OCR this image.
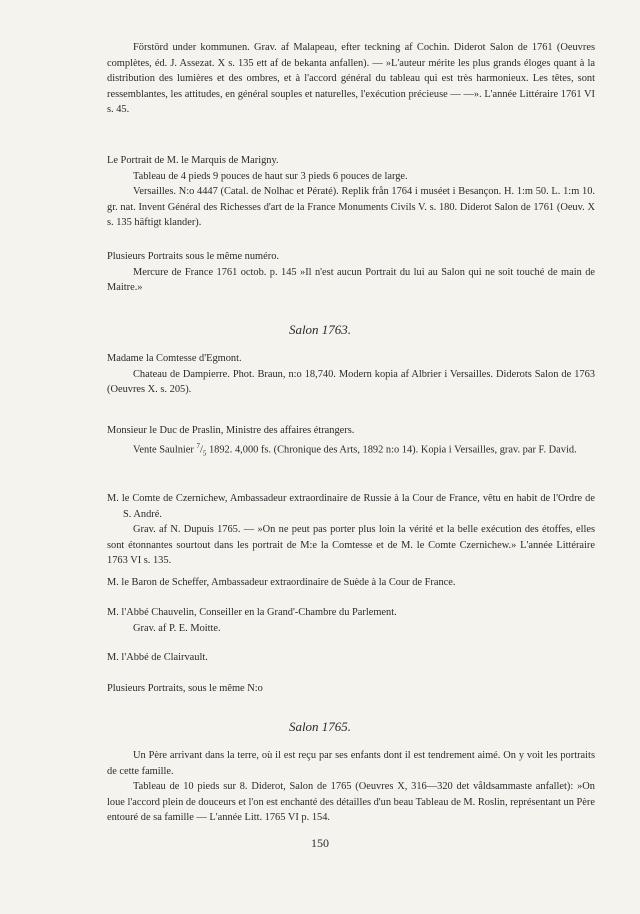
Förstörd under kommunen. Grav. af Malapeau, efter teckning af Cochin. Diderot Salon de 1761 (Oeuvres complètes, éd. J. Assezat. X s. 135 ett af de bekanta anfallen). — »L'auteur mérite les plus grands éloges quant à la distribution des lumières et des ombres, et à l'accord général du tableau qui est très harmonieux. Les têtes, sont ressemblantes, les attitudes, en général souples et naturelles, l'exécution précieuse — —». L'année Littéraire 1761 VI s. 45.

Le Portrait de M. le Marquis de Marigny.

Tableau de 4 pieds 9 pouces de haut sur 3 pieds 6 pouces de large.

Versailles. N:o 4447 (Catal. de Nolhac et Pératé). Replik från 1764 i muséet i Besançon. H. 1:m 50. L. 1:m 10. gr. nat. Invent Général des Richesses d'art de la France Monuments Civils V. s. 180. Diderot Salon de 1761 (Oeuv. X s. 135 häftigt klander).

Plusieurs Portraits sous le même numéro.

Mercure de France 1761 octob. p. 145 »Il n'est aucun Portrait du lui au Salon qui ne soit touché de main de Maitre.»

Salon 1763.

Madame la Comtesse d'Egmont.

Chateau de Dampierre. Phot. Braun, n:o 18,740. Modern kopia af Albrier i Versailles. Diderots Salon de 1763 (Oeuvres X. s. 205).

Monsieur le Duc de Praslin, Ministre des affaires étrangers.

Vente Saulnier $^7/_5$ 1892. 4,000 fs. (Chronique des Arts, 1892 n:o 14). Kopia i Versailles, grav. par F. David.

M. le Comte de Czernichew, Ambassadeur extraordinaire de Russie à la Cour de France, vêtu en habit de l'Ordre de S. André.

Grav. af N. Dupuis 1765. — »On ne peut pas porter plus loin la vérité et la belle exécution des étoffes, elles sont étonnantes sourtout dans les portrait de M:e la Comtesse et de M. le Comte Czernichew.» L'année Littéraire 1763 VI s. 135.

M. le Baron de Scheffer, Ambassadeur extraordinaire de Suède à la Cour de France.

M. l'Abbé Chauvelin, Conseiller en la Grand'-Chambre du Parlement.

Grav. af P. E. Moitte.

M. l'Abbé de Clairvault.

Plusieurs Portraits, sous le même N:o

Salon 1765.

Un Père arrivant dans la terre, où il est reçu par ses enfants dont il est tendrement aimé. On y voit les portraits de cette famille.

Tableau de 10 pieds sur 8. Diderot, Salon de 1765 (Oeuvres X, 316—320 det våldsammaste anfallet): »On loue l'accord plein de douceurs et l'on est enchanté des détailles d'un beau Tableau de M. Roslin, représentant un Père entouré de sa famille — L'année Litt. 1765 VI p. 154.

150
